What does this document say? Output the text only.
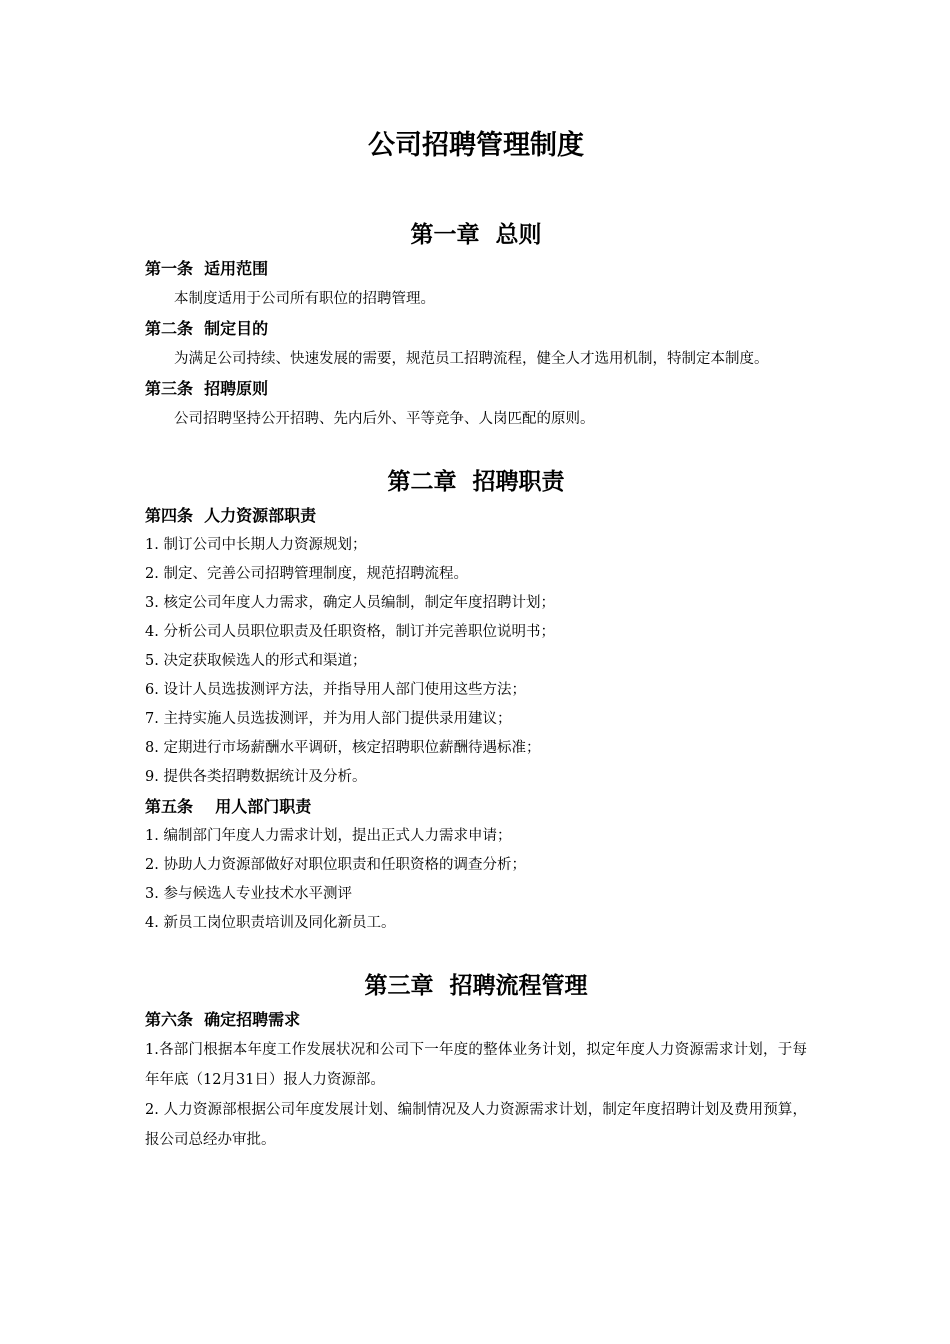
公司招聘管理制度
第一章  总则
第一条  适用范围

本制度适用于公司所有职位的招聘管理。

第二条  制定目的

为满足公司持续、快速发展的需要，规范员工招聘流程，健全人才选用机制，特制定本制度。

第三条  招聘原则

公司招聘坚持公开招聘、先内后外、平等竞争、人岗匹配的原则。

第二章  招聘职责
第四条  人力资源部职责
1.
制订公司中长期人力资源规划；
2.
制定、完善公司招聘管理制度，规范招聘流程。
3.
核定公司年度人力需求，确定人员编制，制定年度招聘计划；
4.
分析公司人员职位职责及任职资格，制订并完善职位说明书；
5.
决定获取候选人的形式和渠道；
6.
设计人员选拔测评方法，并指导用人部门使用这些方法；
7.
主持实施人员选拔测评，并为用人部门提供录用建议；
8.
定期进行市场薪酬水平调研，核定招聘职位薪酬待遇标准；
9.
提供各类招聘数据统计及分析。
第五条    用人部门职责
1.
编制部门年度人力需求计划，提出正式人力需求申请；
2.
协助人力资源部做好对职位职责和任职资格的调查分析；
3.
参与候选人专业技术水平测评
4.
新员工岗位职责培训及同化新员工。
第三章  招聘流程管理
第六条  确定招聘需求

1.各部门根据本年度工作发展状况和公司下一年度的整体业务计划，拟定年度人力资源需求计划，于每年年底（12月31日）报人力资源部。

2. 人力资源部根据公司年度发展计划、编制情况及人力资源需求计划，制定年度招聘计划及费用预算，报公司总经办审批。
